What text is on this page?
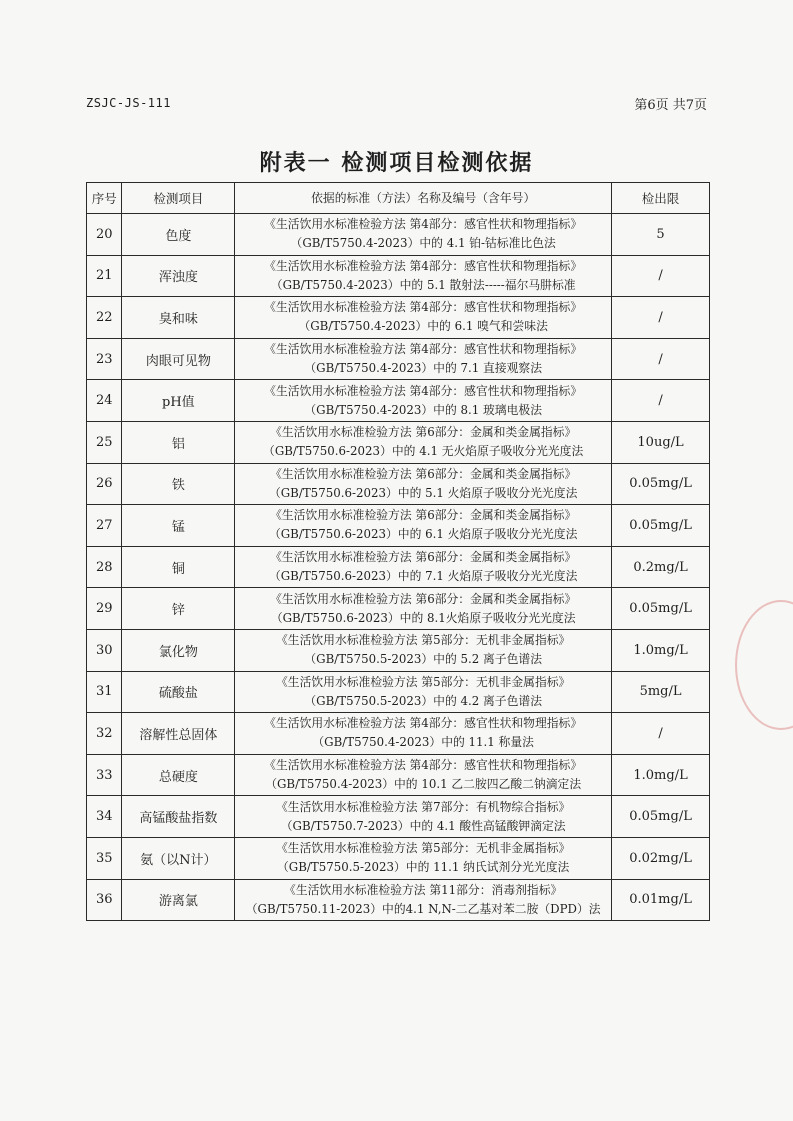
ZSJC-JS-111	第6页 共7页
附表一 检测项目检测依据
序号	检测项目	依据的标准（方法）名称及编号（含年号）	检出限
20	色度	《生活饮用水标准检验方法 第4部分：感官性状和物理指标》
（GB/T5750.4-2023）中的 4.1 铂-钴标准比色法	5
21	浑浊度	《生活饮用水标准检验方法 第4部分：感官性状和物理指标》
（GB/T5750.4-2023）中的 5.1 散射法-----福尔马肼标准	/
22	臭和味	《生活饮用水标准检验方法 第4部分：感官性状和物理指标》
（GB/T5750.4-2023）中的 6.1 嗅气和尝味法	/
23	肉眼可见物	《生活饮用水标准检验方法 第4部分：感官性状和物理指标》
（GB/T5750.4-2023）中的 7.1 直接观察法	/
24	pH值	《生活饮用水标准检验方法 第4部分：感官性状和物理指标》
（GB/T5750.4-2023）中的 8.1 玻璃电极法	/
25	铝	《生活饮用水标准检验方法 第6部分：金属和类金属指标》
（GB/T5750.6-2023）中的 4.1 无火焰原子吸收分光光度法	10ug/L
26	铁	《生活饮用水标准检验方法 第6部分：金属和类金属指标》
（GB/T5750.6-2023）中的 5.1 火焰原子吸收分光光度法	0.05mg/L
27	锰	《生活饮用水标准检验方法 第6部分：金属和类金属指标》
（GB/T5750.6-2023）中的 6.1 火焰原子吸收分光光度法	0.05mg/L
28	铜	《生活饮用水标准检验方法 第6部分：金属和类金属指标》
（GB/T5750.6-2023）中的 7.1 火焰原子吸收分光光度法	0.2mg/L
29	锌	《生活饮用水标准检验方法 第6部分：金属和类金属指标》
（GB/T5750.6-2023）中的 8.1火焰原子吸收分光光度法	0.05mg/L
30	氯化物	《生活饮用水标准检验方法 第5部分：无机非金属指标》
（GB/T5750.5-2023）中的 5.2 离子色谱法	1.0mg/L
31	硫酸盐	《生活饮用水标准检验方法 第5部分：无机非金属指标》
（GB/T5750.5-2023）中的 4.2 离子色谱法	5mg/L
32	溶解性总固体	《生活饮用水标准检验方法 第4部分：感官性状和物理指标》
（GB/T5750.4-2023）中的 11.1 称量法	/
33	总硬度	《生活饮用水标准检验方法 第4部分：感官性状和物理指标》
（GB/T5750.4-2023）中的 10.1 乙二胺四乙酸二钠滴定法	1.0mg/L
34	高锰酸盐指数	《生活饮用水标准检验方法 第7部分：有机物综合指标》
（GB/T5750.7-2023）中的 4.1 酸性高锰酸钾滴定法	0.05mg/L
35	氨（以N计）	《生活饮用水标准检验方法 第5部分：无机非金属指标》
（GB/T5750.5-2023）中的 11.1 纳氏试剂分光光度法	0.02mg/L
36	游离氯	《生活饮用水标准检验方法 第11部分：消毒剂指标》
（GB/T5750.11-2023）中的4.1 N,N-二乙基对苯二胺（DPD）法	0.01mg/L
